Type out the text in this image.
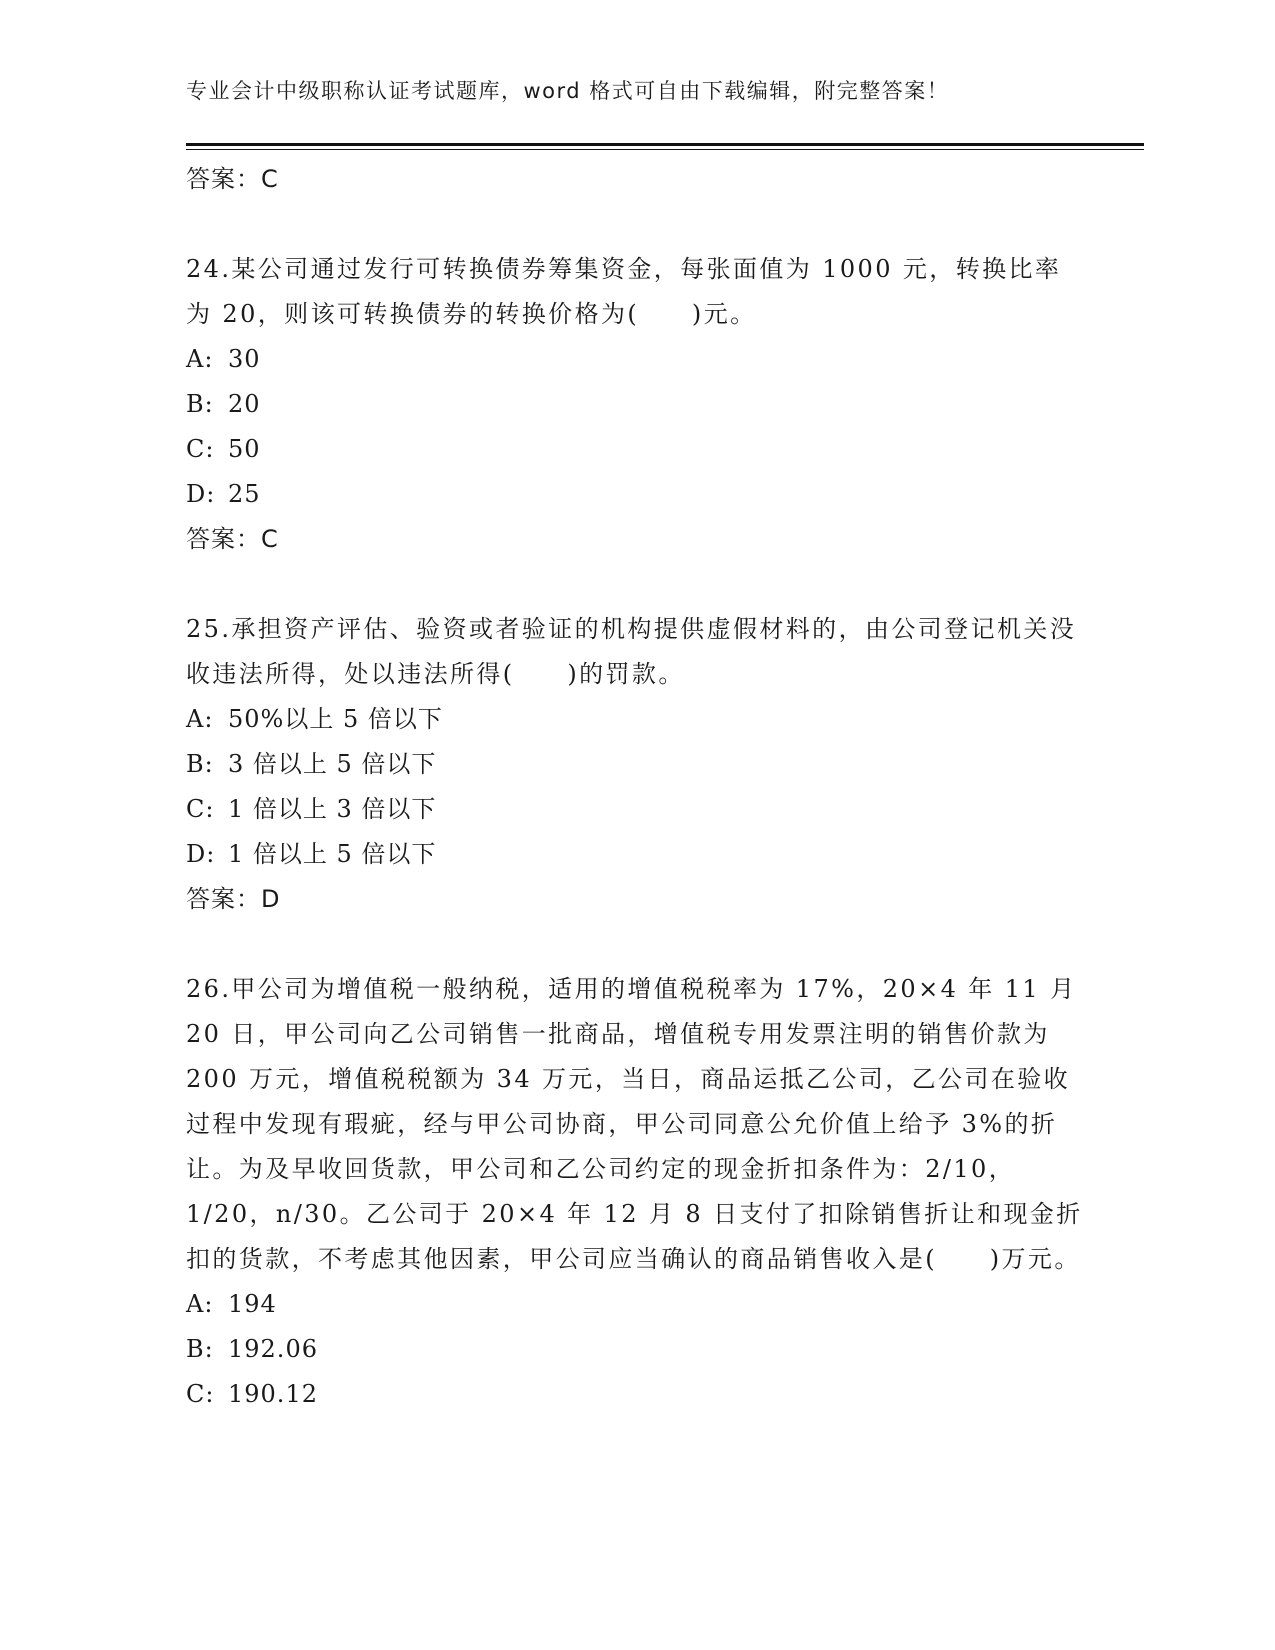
专业会计中级职称认证考试题库，word 格式可自由下载编辑，附完整答案！
答案：C
24.某公司通过发行可转换债券筹集资金，每张面值为 1000 元，转换比率为 20，则该可转换债券的转换价格为(　　)元。
A: 30
B: 20
C: 50
D: 25
答案：C
25.承担资产评估、验资或者验证的机构提供虚假材料的，由公司登记机关没收违法所得，处以违法所得(　　)的罚款。
A: 50%以上 5 倍以下
B: 3 倍以上 5 倍以下
C: 1 倍以上 3 倍以下
D: 1 倍以上 5 倍以下
答案：D
26.甲公司为增值税一般纳税，适用的增值税税率为 17%，20×4 年 11 月 20 日，甲公司向乙公司销售一批商品，增值税专用发票注明的销售价款为 200 万元，增值税税额为 34 万元，当日，商品运抵乙公司，乙公司在验收过程中发现有瑕疵，经与甲公司协商，甲公司同意公允价值上给予 3%的折让。为及早收回货款，甲公司和乙公司约定的现金折扣条件为：2/10，1/20，n/30。乙公司于 20×4 年 12 月 8 日支付了扣除销售折让和现金折扣的货款，不考虑其他因素，甲公司应当确认的商品销售收入是(　　)万元。
A: 194
B: 192.06
C: 190.12
